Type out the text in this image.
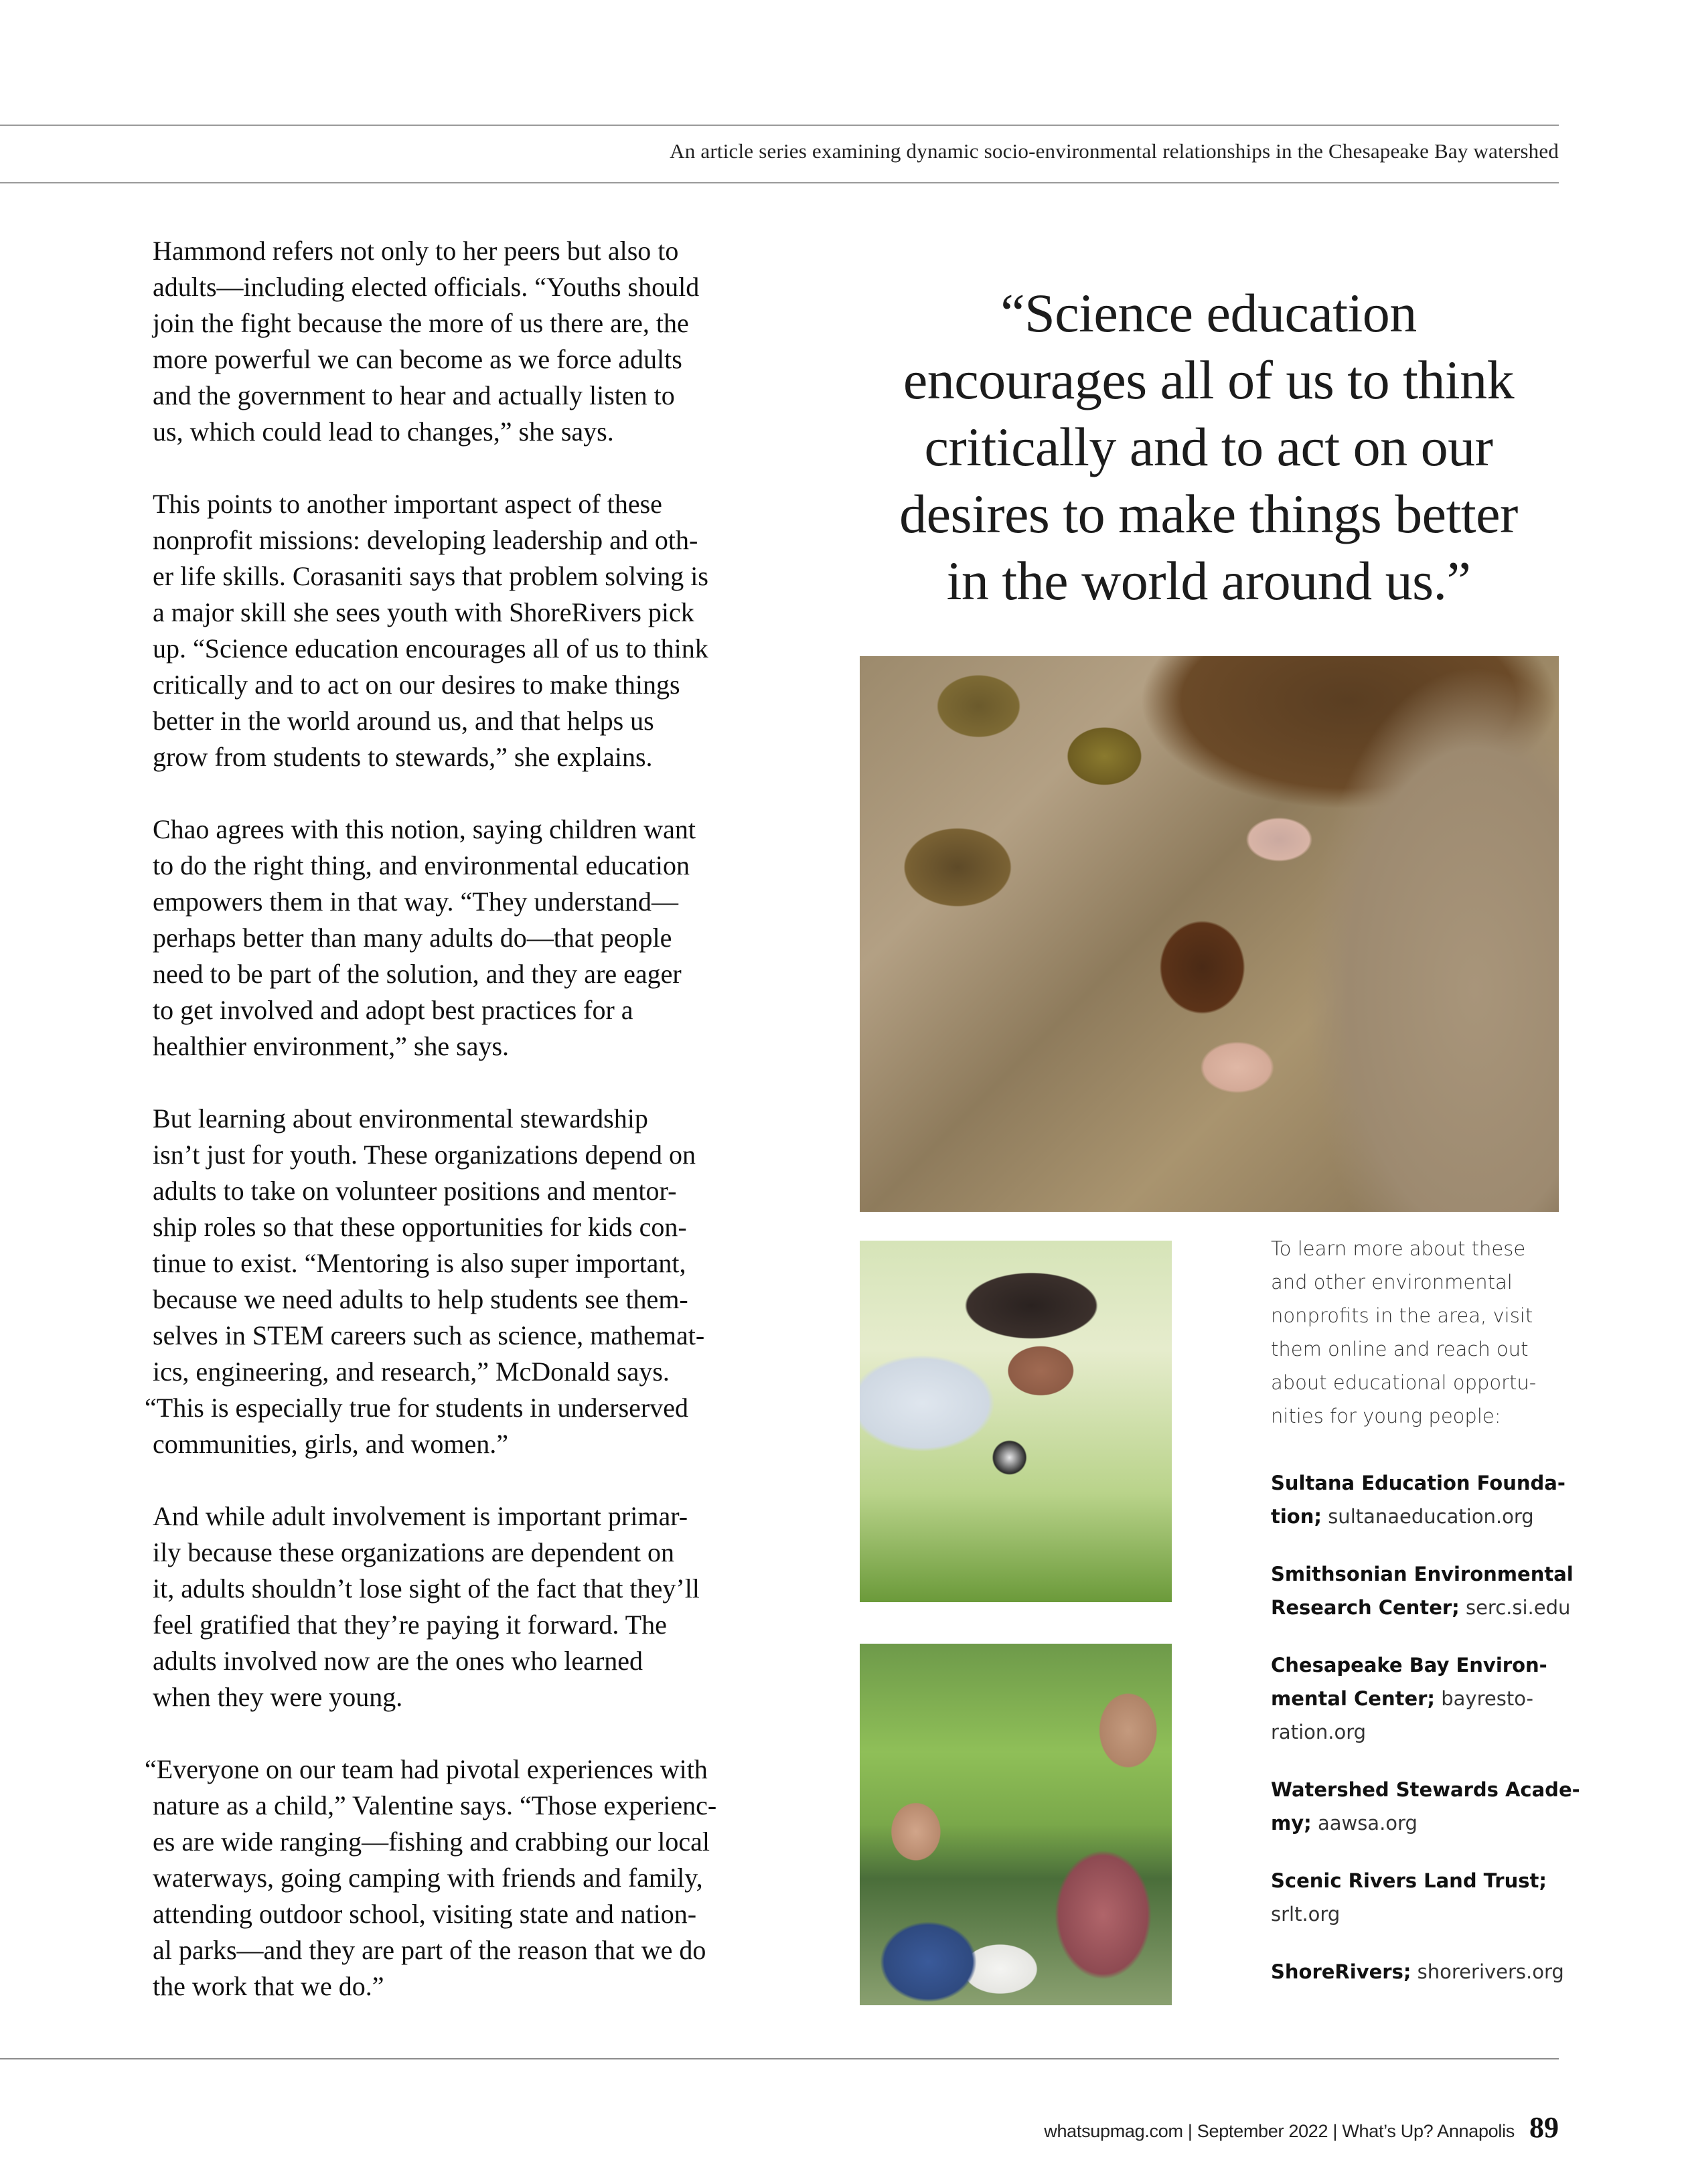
An article series examining dynamic socio-environmental relationships in the Chesapeake Bay watershed

Hammond refers not only to her peers but also to
adults—including elected officials. “Youths should
join the fight because the more of us there are, the
more powerful we can become as we force adults
and the government to hear and actually listen to
us, which could lead to changes,” she says.

This points to another important aspect of these
nonprofit missions: developing leadership and oth-
er life skills. Corasaniti says that problem solving is
a major skill she sees youth with ShoreRivers pick
up. “Science education encourages all of us to think
critically and to act on our desires to make things
better in the world around us, and that helps us
grow from students to stewards,” she explains.

Chao agrees with this notion, saying children want
to do the right thing, and environmental education
empowers them in that way. “They understand—
perhaps better than many adults do—that people
need to be part of the solution, and they are eager
to get involved and adopt best practices for a
healthier environment,” she says.

But learning about environmental stewardship
isn’t just for youth. These organizations depend on
adults to take on volunteer positions and mentor-
ship roles so that these opportunities for kids con-
tinue to exist. “Mentoring is also super important,
because we need adults to help students see them-
selves in STEM careers such as science, mathemat-
ics, engineering, and research,” McDonald says.
“This is especially true for students in underserved
communities, girls, and women.”

And while adult involvement is important primar-
ily because these organizations are dependent on
it, adults shouldn’t lose sight of the fact that they’ll
feel gratified that they’re paying it forward. The
adults involved now are the ones who learned
when they were young.

“Everyone on our team had pivotal experiences with
nature as a child,” Valentine says. “Those experienc-
es are wide ranging—fishing and crabbing our local
waterways, going camping with friends and family,
attending outdoor school, visiting state and nation-
al parks—and they are part of the reason that we do
the work that we do.”

“Science education
encourages all of us to think
critically and to act on our
desires to make things better
in the world around us.”
To learn more about these
and other environmental
nonprofits in the area, visit
them online and reach out
about educational opportu-
nities for young people:
Sultana Education Founda-
tion; sultanaeducation.org
Smithsonian Environmental
Research Center; serc.si.edu
Chesapeake Bay Environ-
mental Center; bayresto-
ration.org
Watershed Stewards Acade-
my; aawsa.org
Scenic Rivers Land Trust;
srlt.org
ShoreRivers; shorerivers.org
whatsupmag.com | September 2022 | What’s Up? Annapolis 89
